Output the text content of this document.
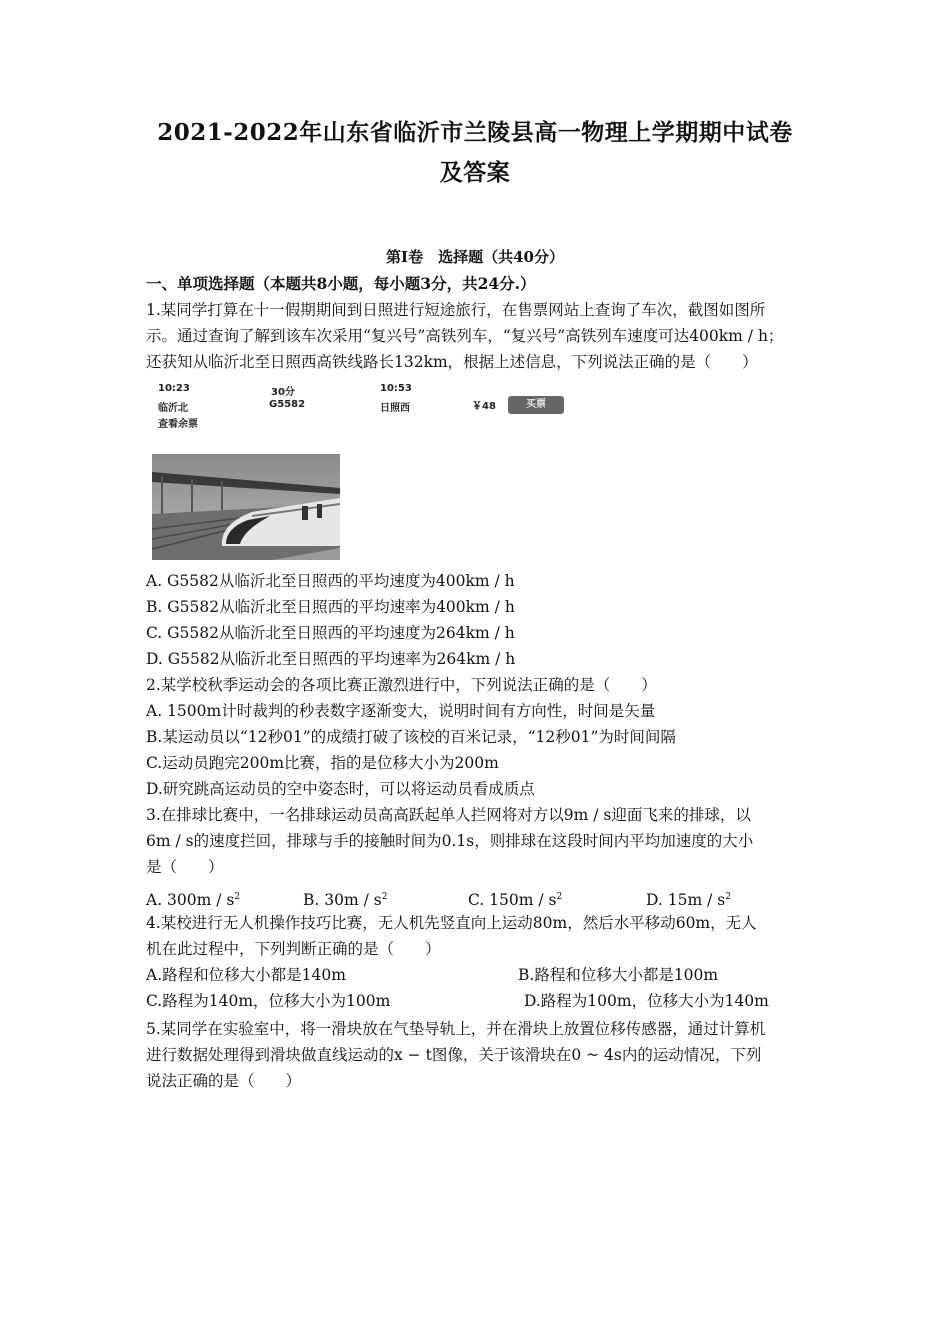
2021-2022年山东省临沂市兰陵县高一物理上学期期中试卷
及答案
第Ⅰ卷　选择题（共40分）
一、单项选择题（本题共8小题，每小题3分，共24分.）
1.某同学打算在十一假期期间到日照进行短途旅行，在售票网站上查询了车次，截图如图所
示。通过查询了解到该车次采用“复兴号”高铁列车，“复兴号”高铁列车速度可达400km / h；
还获知从临沂北至日照西高铁线路长132km，根据上述信息，下列说法正确的是（　　）
10:23
临沂北
查看余票
30分
G5582
10:53
日照西	￥48	买票
A. G5582从临沂北至日照西的平均速度为400km / h
B. G5582从临沂北至日照西的平均速率为400km / h
C. G5582从临沂北至日照西的平均速度为264km / h
D. G5582从临沂北至日照西的平均速率为264km / h
2.某学校秋季运动会的各项比赛正激烈进行中，下列说法正确的是（　　）
A. 1500m计时裁判的秒表数字逐渐变大，说明时间有方向性，时间是矢量
B.某运动员以“12秒01”的成绩打破了该校的百米记录，“12秒01”为时间间隔
C.运动员跑完200m比赛，指的是位移大小为200m
D.研究跳高运动员的空中姿态时，可以将运动员看成质点
3.在排球比赛中，一名排球运动员高高跃起单人拦网将对方以9m / s迎面飞来的排球，以
6m / s的速度拦回，排球与手的接触时间为0.1s，则排球在这段时间内平均加速度的大小
是（　　）
A. $300m / s^2$	B. $30m / s^2$	C. $150m / s^2$	D. $15m / s^2$
4.某校进行无人机操作技巧比赛，无人机先竖直向上运动80m，然后水平移动60m，无人
机在此过程中，下列判断正确的是（　　）
A.路程和位移大小都是140m	B.路程和位移大小都是100m
C.路程为140m，位移大小为100m	D.路程为100m，位移大小为140m
5.某同学在实验室中，将一滑块放在气垫导轨上，并在滑块上放置位移传感器，通过计算机
进行数据处理得到滑块做直线运动的x − t图像，关于该滑块在0 ~ 4s内的运动情况，下列
说法正确的是（　　）
